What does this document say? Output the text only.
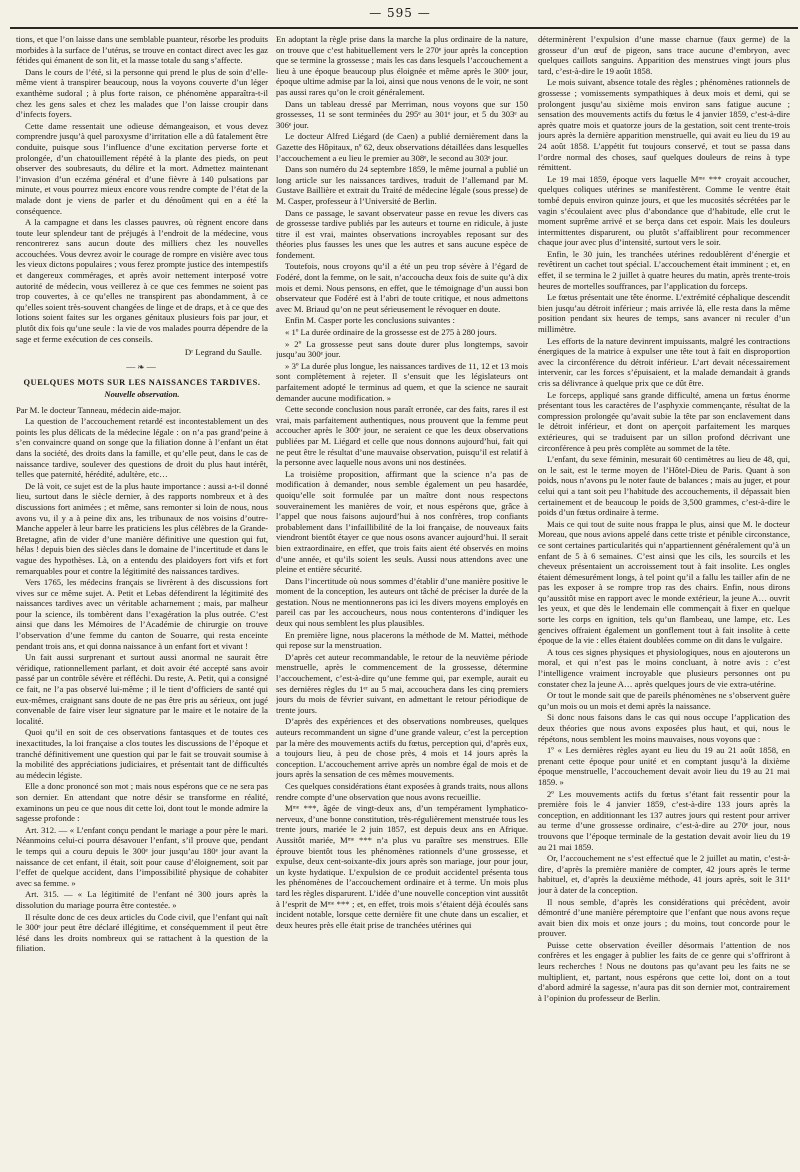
— 595 —

tions, et que l’on laisse dans une semblable puanteur, résorbe les produits morbides à la surface de l’utérus, se trouve en contact direct avec les gaz fétides qui émanent de son lit, et la masse totale du sang s’affecte.

Dans le cours de l’été, si la personne qui prend le plus de soin d’elle-même vient à transpirer beaucoup, nous la voyons couverte d’un léger exanthème sudoral ; à plus forte raison, ce phénomène apparaîtra-t-il chez les gens sales et chez les malades que l’on laisse croupir dans d’infects foyers.

Cette dame ressentait une odieuse démangeaison, et vous devez comprendre jusqu’à quel paroxysme d’irritation elle a dû fatalement être conduite, puisque sous l’influence d’une excitation perverse forte et prolongée, d’un chatouillement répété à la plante des pieds, on peut observer des soubresauts, du délire et la mort. Admettez maintenant l’invasion d’un eczéma général et d’une fièvre à 140 pulsations par minute, et vous pourrez mieux encore vous rendre compte de l’état de la malade dont je viens de parler et du dénoûment qui en a été la conséquence.

A la campagne et dans les classes pauvres, où règnent encore dans toute leur splendeur tant de préjugés à l’endroit de la médecine, vous rencontrerez sans aucun doute des milliers chez les nouvelles accouchées. Vous devrez avoir le courage de rompre en visière avec tous les vieux dictons populaires ; vous ferez prompte justice des intempestifs et dangereux commérages, et après avoir nettement interposé votre autorité de médecin, vous veillerez à ce que ces femmes ne soient pas trop couvertes, à ce qu’elles ne transpirent pas abondamment, à ce qu’elles soient très-souvent changées de linge et de draps, et à ce que des lotions soient faites sur les organes génitaux plusieurs fois par jour, et plutôt dix fois qu’une seule : la vie de vos malades pourra dépendre de la sage et ferme exécution de ces conseils.

Dʳ Legrand du Saulle.
—❧—
QUELQUES MOTS SUR LES NAISSANCES TARDIVES.
Nouvelle observation.

Par M. le docteur Tanneau, médecin aide-major.

La question de l’accouchement retardé est incontestablement un des points les plus délicats de la médecine légale : on n’a pas grand’peine à s’en convaincre quand on songe que la filiation donne à l’enfant un état dans la société, des droits dans la famille, et qu’elle peut, dans le cas de naissance tardive, soulever des questions de droit du plus haut intérêt, telles que paternité, hérédité, adultère, etc…

De là voit, ce sujet est de la plus haute importance : aussi a-t-il donné lieu, surtout dans le siècle dernier, à des rapports nombreux et à des discussions fort animées ; et même, sans remonter si loin de nous, nous avons vu, il y a à peine dix ans, les tribunaux de nos voisins d’outre-Manche appeler à leur barre les praticiens les plus célèbres de la Grande-Bretagne, afin de vider d’une manière définitive une question qui fut, hélas ! depuis bien des siècles dans le domaine de l’incertitude et dans le vague des hypothèses. Là, on a entendu des plaidoyers fort vifs et fort remarquables pour et contre la légitimité des naissances tardives.

Vers 1765, les médecins français se livrèrent à des discussions fort vives sur ce même sujet. A. Petit et Lebas défendirent la légitimité des naissances tardives avec un véritable acharnement ; mais, par malheur pour la science, ils tombèrent dans l’exagération la plus outrée. C’est ainsi que dans les Mémoires de l’Académie de chirurgie on trouve l’observation d’une femme du canton de Souarre, qui resta enceinte pendant trois ans, et qui donna naissance à un enfant fort et vivant !

Un fait aussi surprenant et surtout aussi anormal ne saurait être véridique, rationnellement parlant, et doit avoir été accepté sans avoir passé par un contrôle sévère et réfléchi. Du reste, A. Petit, qui a consigné ce fait, ne l’a pas observé lui-même ; il le tient d’officiers de santé qui eux-mêmes, craignant sans doute de ne pas être pris au sérieux, ont jugé convenable de faire viser leur signature par le maire et le notaire de la localité.

Quoi qu’il en soit de ces observations fantasques et de toutes ces inexactitudes, la loi française a clos toutes les discussions de l’époque et tranché définitivement une question qui par le fait se trouvait soumise à la mobilité des appréciations judiciaires, et présentait tant de difficultés au médecin légiste.

Elle a donc prononcé son mot ; mais nous espérons que ce ne sera pas son dernier. En attendant que notre désir se transforme en réalité, examinons un peu ce que nous dit cette loi, dont tout le monde admire la sagesse profonde :

Art. 312. — « L’enfant conçu pendant le mariage a pour père le mari. Néanmoins celui-ci pourra désavouer l’enfant, s’il prouve que, pendant le temps qui a couru depuis le 300ᵉ jour jusqu’au 180ᵉ jour avant la naissance de cet enfant, il était, soit pour cause d’éloignement, soit par l’effet de quelque accident, dans l’impossibilité physique de cohabiter avec sa femme. »

Art. 315. — « La légitimité de l’enfant né 300 jours après la dissolution du mariage pourra être contestée. »

Il résulte donc de ces deux articles du Code civil, que l’enfant qui naît le 300ᵉ jour peut être déclaré illégitime, et conséquemment il peut être lésé dans les droits nombreux qui se rattachent à la question de la filiation.

En adoptant la règle prise dans la marche la plus ordinaire de la nature, on trouve que c’est habituellement vers le 270ᵉ jour après la conception que se termine la grossesse ; mais les cas dans lesquels l’accouchement a lieu à une époque beaucoup plus éloignée et même après le 300ᵉ jour, époque ultime admise par la loi, ainsi que nous venons de le voir, ne sont pas aussi rares qu’on le croit généralement.

Dans un tableau dressé par Merriman, nous voyons que sur 150 grossesses, 11 se sont terminées du 295ᵉ au 301ᵉ jour, et 5 du 303ᵉ au 306ᵉ jour.

Le docteur Alfred Liégard (de Caen) a publié dernièrement dans la Gazette des Hôpitaux, nº 62, deux observations détaillées dans lesquelles l’accouchement a eu lieu le premier au 308ᵉ, le second au 303ᵉ jour.

Dans son numéro du 24 septembre 1859, le même journal a publié un long article sur les naissances tardives, traduit de l’allemand par M. Gustave Baillière et extrait du Traité de médecine légale (sous presse) de M. Casper, professeur à l’Université de Berlin.

Dans ce passage, le savant observateur passe en revue les divers cas de grossesse tardive publiés par les auteurs et tourne en ridicule, à juste titre il est vrai, maintes observations incroyables reposant sur des théories plus fausses les unes que les autres et sans aucune espèce de fondement.

Toutefois, nous croyons qu’il a été un peu trop sévère à l’égard de Fodéré, dont la femme, on le sait, n’accoucha deux fois de suite qu’à dix mois et demi. Nous pensons, en effet, que le témoignage d’un aussi bon observateur que Fodéré est à l’abri de toute critique, et nous admettons avec M. Briaud qu’on ne peut sérieusement le révoquer en doute.

Enfin M. Casper porte les conclusions suivantes :

« 1º La durée ordinaire de la grossesse est de 275 à 280 jours.

» 2º La grossesse peut sans doute durer plus longtemps, savoir jusqu’au 300ᵉ jour.

» 3º La durée plus longue, les naissances tardives de 11, 12 et 13 mois sont complètement à rejeter. Il s’ensuit que les législateurs ont parfaitement adopté le terminus ad quem, et que la science ne saurait demander aucune modification. »

Cette seconde conclusion nous paraît erronée, car des faits, rares il est vrai, mais parfaitement authentiques, nous prouvent que la femme peut accoucher après le 300ᵉ jour, ne seraient ce que les deux observations publiées par M. Liégard et celle que nous donnons aujourd’hui, fait qui ne peut être le résultat d’une mauvaise observation, puisqu’il est relatif à la personne avec laquelle nous avons uni nos destinées.

La troisième proposition, affirmant que la science n’a pas de modification à demander, nous semble également un peu hasardée, quoiqu’elle soit formulée par un maître dont nous respectons souverainement les manières de voir, et nous espérons que, grâce à l’appel que nous faisons aujourd’hui à nos confrères, trop confiants probablement dans l’infaillibilité de la loi française, de nouveaux faits viendront bientôt étayer ce que nous osons avancer aujourd’hui. Il serait bien extraordinaire, en effet, que trois faits aient été observés en moins d’une année, et qu’ils soient les seuls. Aussi nous attendons avec une pleine et entière sécurité.

Dans l’incertitude où nous sommes d’établir d’une manière positive le moment de la conception, les auteurs ont tâché de préciser la durée de la gestation. Nous ne mentionnerons pas ici les divers moyens employés en pareil cas par les accoucheurs, nous nous contenterons d’indiquer les deux qui nous semblent les plus plausibles.

En première ligne, nous placerons la méthode de M. Mattei, méthode qui repose sur la menstruation.

D’après cet auteur recommandable, le retour de la neuvième période menstruelle, après le commencement de la grossesse, détermine l’accouchement, c’est-à-dire qu’une femme qui, par exemple, aurait eu ses dernières règles du 1ᵉʳ au 5 mai, accouchera dans les cinq premiers jours du mois de février suivant, en admettant le retour périodique de trente jours.

D’après des expériences et des observations nombreuses, quelques auteurs recommandent un signe d’une grande valeur, c’est la perception par la mère des mouvements actifs du fœtus, perception qui, d’après eux, a toujours lieu, à peu de chose près, 4 mois et 14 jours après la conception. L’accouchement arrive après un nombre égal de mois et de jours après la sensation de ces mêmes mouvements.

Ces quelques considérations étant exposées à grands traits, nous allons rendre compte d’une observation que nous avons recueillie.

Mᵐᵉ ***, âgée de vingt-deux ans, d’un tempérament lymphatico-nerveux, d’une bonne constitution, très-régulièrement menstruée tous les trente jours, mariée le 2 juin 1857, est depuis deux ans en Afrique. Aussitôt mariée, Mᵐᵉ *** n’a plus vu paraître ses menstrues. Elle éprouve bientôt tous les phénomènes rationnels d’une grossesse, et expulse, deux cent-soixante-dix jours après son mariage, jour pour jour, un kyste hydatique. L’expulsion de ce produit accidentel présenta tous les phénomènes de l’accouchement ordinaire et à terme. Un mois plus tard les règles disparurent. L’idée d’une nouvelle conception vint aussitôt à l’esprit de Mᵐᵉ *** ; et, en effet, trois mois s’étaient déjà écoulés sans incident notable, lorsque cette dernière fit une chute dans un escalier, et deux heures près elle était prise de tranchées utérines qui

déterminèrent l’expulsion d’une masse charnue (faux germe) de la grosseur d’un œuf de pigeon, sans trace aucune d’embryon, avec quelques caillots sanguins. Apparition des menstrues vingt jours plus tard, c’est-à-dire le 19 août 1858.

Le mois suivant, absence totale des règles ; phénomènes rationnels de grossesse ; vomissements sympathiques à deux mois et demi, qui se prolongent jusqu’au sixième mois environ sans fatigue aucune ; sensation des mouvements actifs du fœtus le 4 janvier 1859, c’est-à-dire après quatre mois et quatorze jours de la gestation, soit cent trente-trois jours après la dernière apparition menstruelle, qui avait eu lieu du 19 au 24 août 1858. L’appétit fut toujours conservé, et tout se passa dans l’ordre normal des choses, sauf quelques douleurs de reins à type rémittent.

Le 19 mai 1859, époque vers laquelle Mᵐᵉ *** croyait accoucher, quelques coliques utérines se manifestèrent. Comme le ventre était tombé depuis environ quinze jours, et que les mucosités sécrétées par le vagin s’écoulaient avec plus d’abondance que d’habitude, elle crut le moment suprême arrivé et se berça dans cet espoir. Mais les douleurs intermittentes disparurent, ou plutôt s’affaiblirent pour recommencer chaque jour avec plus d’intensité, surtout vers le soir.

Enfin, le 30 juin, les tranchées utérines redoublèrent d’énergie et revêtirent un cachet tout spécial. L’accouchement était imminent ; et, en effet, il se termina le 2 juillet à quatre heures du matin, après trente-trois heures de mortelles souffrances, par l’application du forceps.

Le fœtus présentait une tête énorme. L’extrémité céphalique descendit bien jusqu’au détroit inférieur ; mais arrivée là, elle resta dans la même position pendant six heures de temps, sans avancer ni reculer d’un millimètre.

Les efforts de la nature devinrent impuissants, malgré les contractions énergiques de la matrice à expulser une tête tout à fait en disproportion avec la circonférence du détroit inférieur. L’art devait nécessairement intervenir, car les forces s’épuisaient, et la malade demandait à grands cris sa délivrance à quelque prix que ce dût être.

Le forceps, appliqué sans grande difficulté, amena un fœtus énorme présentant tous les caractères de l’asphyxie commençante, résultat de la compression prolongée qu’avait subie la tête par son enclavement dans le détroit inférieur, et dont on aperçoit parfaitement les marques extérieures, qui se traduisent par un sillon profond décrivant une circonférence à peu près complète au sommet de la tête.

L’enfant, du sexe féminin, mesurait 60 centimètres au lieu de 48, qui, on le sait, est le terme moyen de l’Hôtel-Dieu de Paris. Quant à son poids, nous n’avons pu le noter faute de balances ; mais au juger, et pour celui qui a tant soit peu l’habitude des accouchements, il dépassait bien certainement et de beaucoup le poids de 3,500 grammes, c’est-à-dire le poids d’un fœtus ordinaire à terme.

Mais ce qui tout de suite nous frappa le plus, ainsi que M. le docteur Moreau, que nous avions appelé dans cette triste et pénible circonstance, ce sont certaines particularités qui n’appartiennent généralement qu’à un enfant de 5 à 6 semaines. C’est ainsi que les cils, les sourcils et les cheveux présentaient un accroissement tout à fait insolite. Les ongles étaient démesurément longs, à tel point qu’il a fallu les tailler afin de ne pas les exposer à se rompre trop ras des chairs. Enfin, nous dirons qu’aussitôt mise en rapport avec le monde extérieur, la jeune A… ouvrit les yeux, et que dès le lendemain elle commençait à fixer en quelque sorte les corps en ignition, tels qu’un flambeau, une lampe, etc. Les gencives offraient également un gonflement tout à fait insolite à cette époque de la vie : elles étaient doublées comme on dit dans le vulgaire.

A tous ces signes physiques et physiologiques, nous en ajouterons un moral, et qui n’est pas le moins concluant, à notre avis : c’est l’intelligence vraiment incroyable que plusieurs personnes ont pu constater chez la jeune A… après quelques jours de vie extra-utérine.

Or tout le monde sait que de pareils phénomènes ne s’observent guère qu’un mois ou un mois et demi après la naissance.

Si donc nous faisons dans le cas qui nous occupe l’application des deux théories que nous avons exposées plus haut, et qui, nous le répétons, nous semblent les moins mauvaises, nous voyons que :

1º « Les dernières règles ayant eu lieu du 19 au 21 août 1858, en prenant cette époque pour unité et en comptant jusqu’à la dixième époque menstruelle, l’accouchement devait avoir lieu du 19 au 21 mai 1859. »

2º Les mouvements actifs du fœtus s’étant fait ressentir pour la première fois le 4 janvier 1859, c’est-à-dire 133 jours après la conception, en additionnant les 137 autres jours qui restent pour arriver au terme d’une grossesse ordinaire, c’est-à-dire au 270ᵉ jour, nous trouvons que l’époque terminale de la gestation devait avoir lieu du 19 au 21 mai 1859.

Or, l’accouchement ne s’est effectué que le 2 juillet au matin, c’est-à-dire, d’après la première manière de compter, 42 jours après le terme habituel, et, d’après la deuxième méthode, 41 jours après, soit le 311ᵉ jour à dater de la conception.

Il nous semble, d’après les considérations qui précèdent, avoir démontré d’une manière péremptoire que l’enfant que nous avons reçue avait bien dix mois et onze jours ; du moins, tout concorde pour le prouver.

Puisse cette observation éveiller désormais l’attention de nos confrères et les engager à publier les faits de ce genre qui s’offriront à leurs recherches ! Nous ne doutons pas qu’avant peu les faits ne se multiplient, et, partant, nous espérons que cette loi, dont on a tout d’abord admiré la sagesse, n’aura pas dit son dernier mot, contrairement à l’opinion du professeur de Berlin.
